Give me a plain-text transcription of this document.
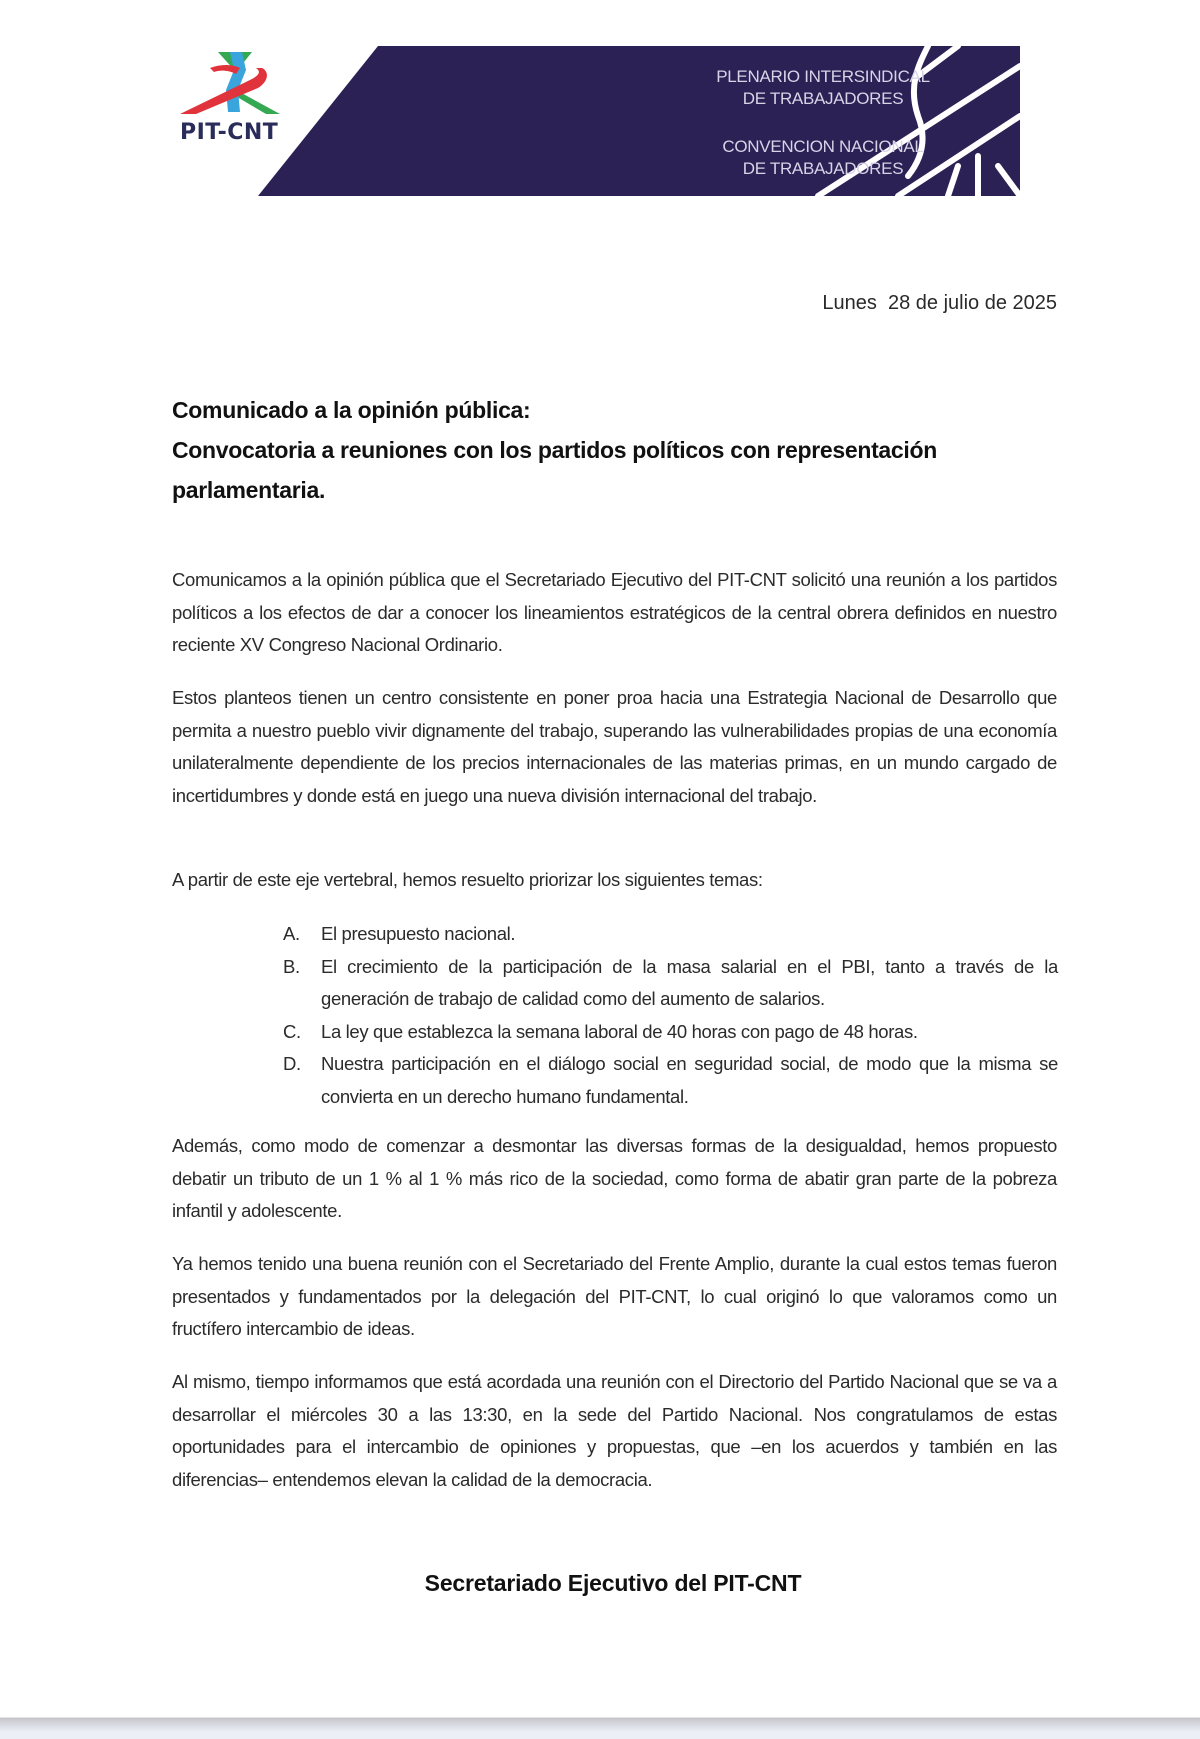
PIT-CNT
PLENARIO INTERSINDICAL
DE TRABAJADORES
CONVENCION NACIONAL
DE TRABAJADORES
Lunes  28 de julio de 2025
Comunicado a la opinión pública:
Convocatoria a reuniones con los partidos políticos con representación parlamentaria.
Comunicamos a la opinión pública que el Secretariado Ejecutivo del PIT-CNT solicitó una reunión a los partidos políticos a los efectos de dar a conocer los lineamientos estratégicos de la central obrera definidos en nuestro reciente XV Congreso Nacional Ordinario.
Estos planteos tienen un centro consistente en poner proa hacia una Estrategia Nacional de Desarrollo que permita a nuestro pueblo vivir dignamente del trabajo, superando las vulnerabilidades propias de una economía unilateralmente dependiente de los precios internacionales de las materias primas, en un mundo cargado de incertidumbres y donde está en juego una nueva división internacional del trabajo.
A partir de este eje vertebral, hemos resuelto priorizar los siguientes temas:
A. El presupuesto nacional.
B. El crecimiento de la participación de la masa salarial en el PBI, tanto a través de la generación de trabajo de calidad como del aumento de salarios.
C. La ley que establezca la semana laboral de 40 horas con pago de 48 horas.
D. Nuestra participación en el diálogo social en seguridad social, de modo que la misma se convierta en un derecho humano fundamental.
Además, como modo de comenzar a desmontar las diversas formas de la desigualdad, hemos propuesto debatir un tributo de un 1 % al 1 % más rico de la sociedad, como forma de abatir gran parte de la pobreza infantil y adolescente.
Ya hemos tenido una buena reunión con el Secretariado del Frente Amplio, durante la cual estos temas fueron presentados y fundamentados por la delegación del PIT-CNT, lo cual originó lo que valoramos como un fructífero intercambio de ideas.
Al mismo, tiempo informamos que está acordada una reunión con el Directorio del Partido Nacional que se va a desarrollar el miércoles 30 a las 13:30, en la sede del Partido Nacional. Nos congratulamos de estas oportunidades para el intercambio de opiniones y propuestas, que –en los acuerdos y también en las diferencias– entendemos elevan la calidad de la democracia.
Secretariado Ejecutivo del PIT-CNT
